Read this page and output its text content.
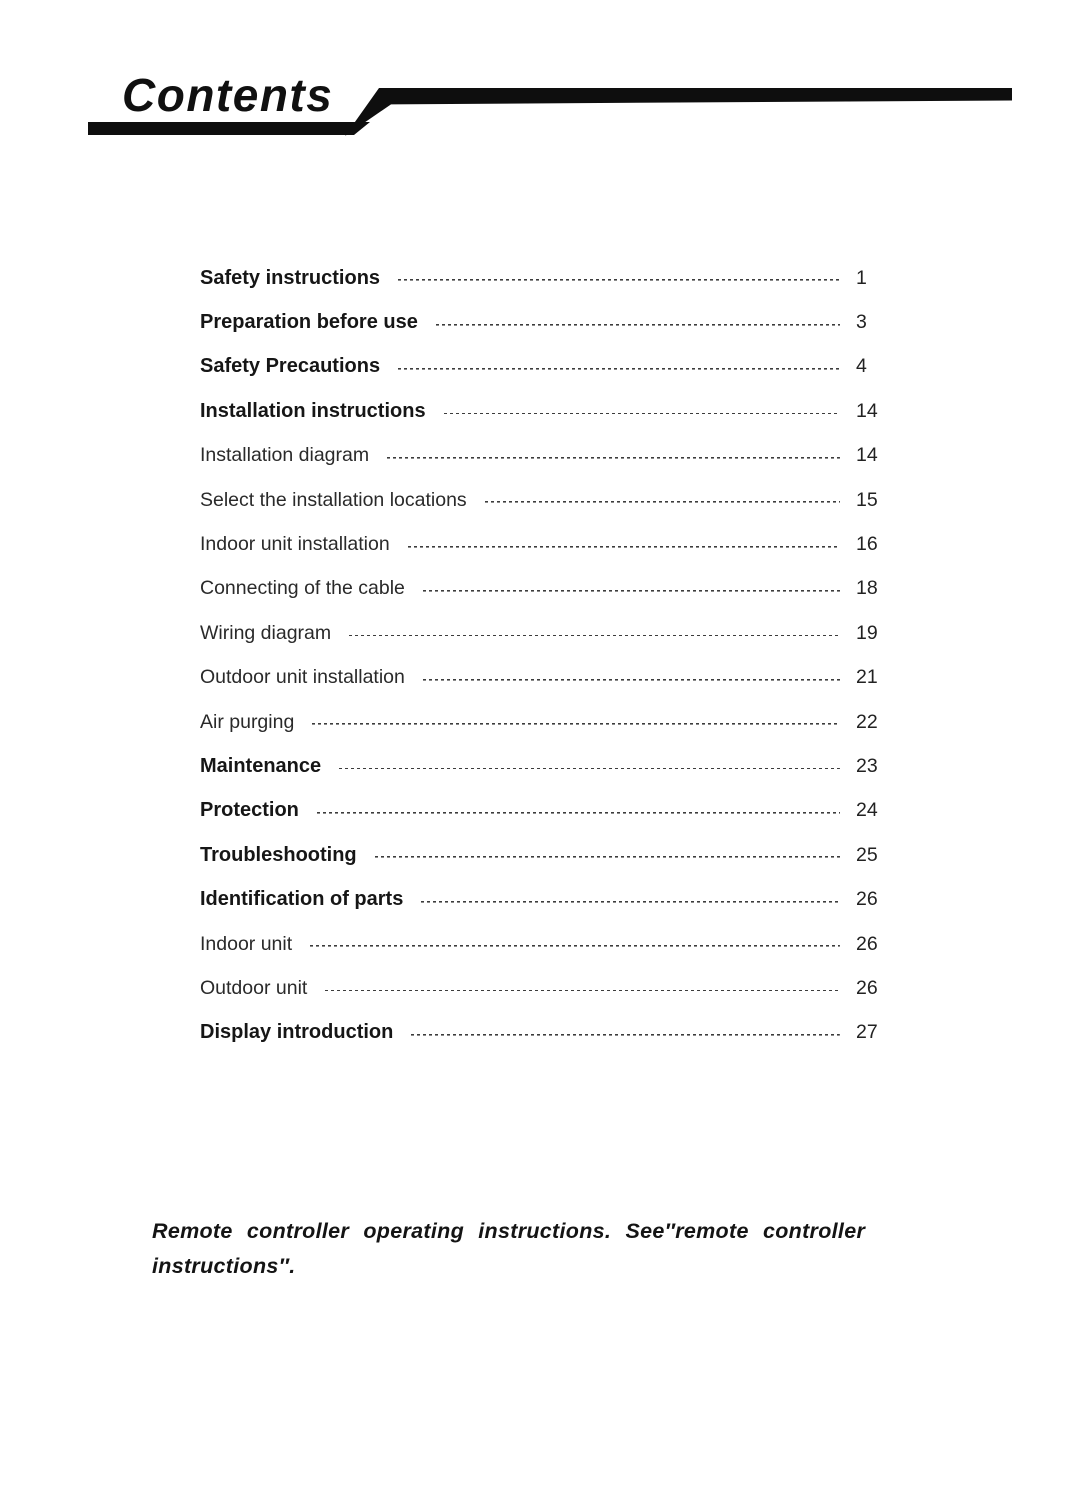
Contents
Safety instructions	1
Preparation before use	3
Safety Precautions	4
Installation instructions	14
Installation diagram	14
Select the installation locations	15
Indoor unit installation	16
Connecting of the cable	18
Wiring diagram	19
Outdoor unit installation	21
Air purging	22
Maintenance	23
Protection	24
Troubleshooting	25
Identification of parts	26
Indoor unit	26
Outdoor unit	26
Display introduction	27
Remote controller operating instructions. See″remote controller
instructions″.
